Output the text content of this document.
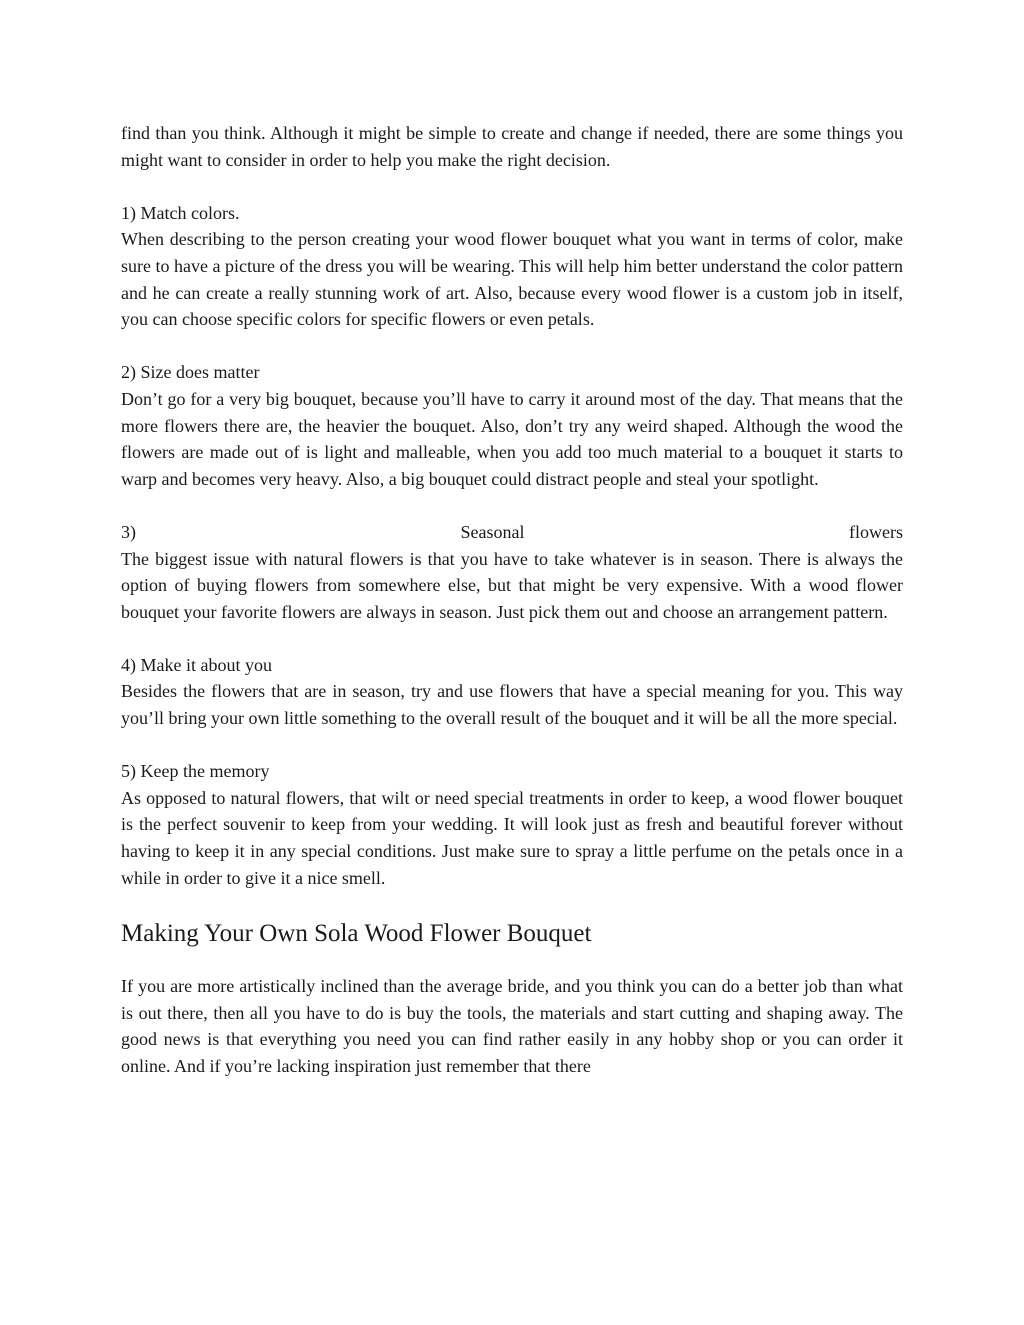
find than you think. Although it might be simple to create and change if needed, there are some things you might want to consider in order to help you make the right decision.

1) Match colors.

When describing to the person creating your wood flower bouquet what you want in terms of color, make sure to have a picture of the dress you will be wearing. This will help him better understand the color pattern and he can create a really stunning work of art. Also, because every wood flower is a custom job in itself, you can choose specific colors for specific flowers or even petals.

2) Size does matter

Don’t go for a very big bouquet, because you’ll have to carry it around most of the day. That means that the more flowers there are, the heavier the bouquet. Also, don’t try any weird shaped. Although the wood the flowers are made out of is light and malleable, when you add too much material to a bouquet it starts to warp and becomes very heavy. Also, a big bouquet could distract people and steal your spotlight.

3)	Seasonal	flowers

The biggest issue with natural flowers is that you have to take whatever is in season. There is always the option of buying flowers from somewhere else, but that might be very expensive. With a wood flower bouquet your favorite flowers are always in season. Just pick them out and choose an arrangement pattern.

4) Make it about you

Besides the flowers that are in season, try and use flowers that have a special meaning for you. This way you’ll bring your own little something to the overall result of the bouquet and it will be all the more special.

5) Keep the memory

As opposed to natural flowers, that wilt or need special treatments in order to keep, a wood flower bouquet is the perfect souvenir to keep from your wedding. It will look just as fresh and beautiful forever without having to keep it in any special conditions. Just make sure to spray a little perfume on the petals once in a while in order to give it a nice smell.

Making Your Own Sola Wood Flower Bouquet

If you are more artistically inclined than the average bride, and you think you can do a better job than what is out there, then all you have to do is buy the tools, the materials and start cutting and shaping away. The good news is that everything you need you can find rather easily in any hobby shop or you can order it online. And if you’re lacking inspiration just remember that there
